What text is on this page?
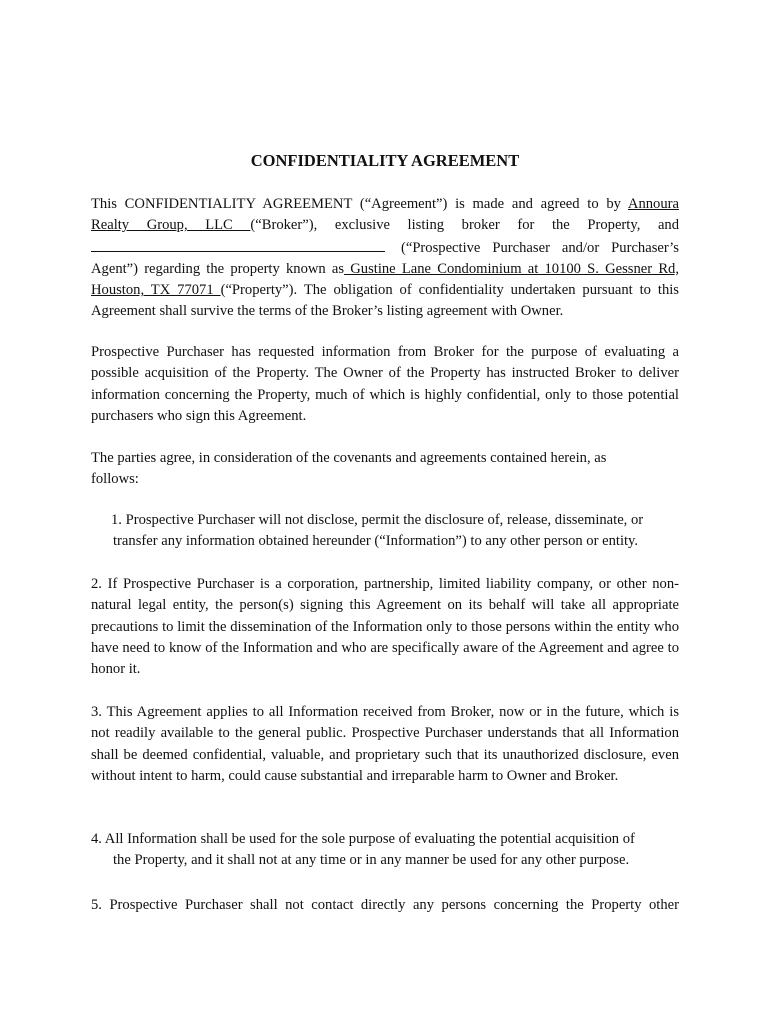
CONFIDENTIALITY AGREEMENT
This CONFIDENTIALITY AGREEMENT (“Agreement”) is made and agreed to by Annoura Realty Group, LLC (“Broker”), exclusive listing broker for the Property, and  (“Prospective Purchaser and/or Purchaser’s Agent”) regarding the property known as Gustine Lane Condominium at 10100 S. Gessner Rd, Houston, TX 77071 (“Property”). The obligation of confidentiality undertaken pursuant to this Agreement shall survive the terms of the Broker’s listing agreement with Owner.
Prospective Purchaser has requested information from Broker for the purpose of evaluating a possible acquisition of the Property. The Owner of the Property has instructed Broker to deliver information concerning the Property, much of which is highly confidential, only to those potential purchasers who sign this Agreement.
The parties agree, in consideration of the covenants and agreements contained herein, as
follows:
1. Prospective Purchaser will not disclose, permit the disclosure of, release, disseminate, or
transfer any information obtained hereunder (“Information”) to any other person or entity.
2. If Prospective Purchaser is a corporation, partnership, limited liability company, or other non-natural legal entity, the person(s) signing this Agreement on its behalf will take all appropriate precautions to limit the dissemination of the Information only to those persons within the entity who have need to know of the Information and who are specifically aware of the Agreement and agree to honor it.
3. This Agreement applies to all Information received from Broker, now or in the future, which is not readily available to the general public. Prospective Purchaser understands that all Information shall be deemed confidential, valuable, and proprietary such that its unauthorized disclosure, even without intent to harm, could cause substantial and irreparable harm to Owner and Broker.
4. All Information shall be used for the sole purpose of evaluating the potential acquisition of
the Property, and it shall not at any time or in any manner be used for any other purpose.
5. Prospective Purchaser shall not contact directly any persons concerning the Property other
